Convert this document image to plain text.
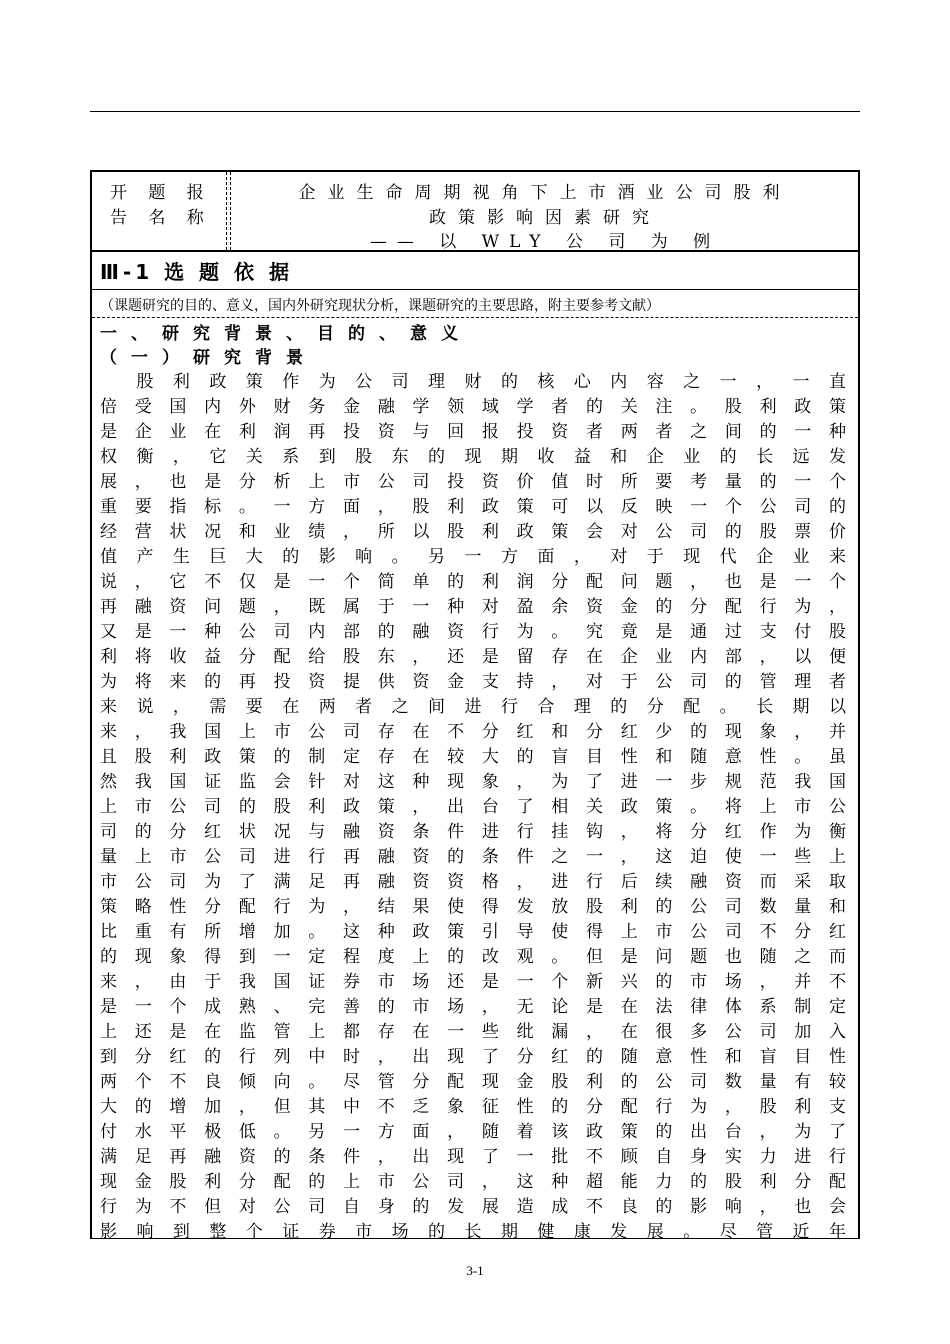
开 题 报
告 名 称
企业生命周期视角下上市酒业公司股利
政策影响因素研究
—— 以 WLY 公 司 为 例
Ⅲ-1 选 题 依 据
（课题研究的目的、意义，国内外研究现状分析，课题研究的主要思路，附主要参考文献）
一、研究背景、目的、意义
（一）研究背景
　股利政策作为公司理财的核心内容之一，一直
倍受国内外财务金融学领域学者的关注。股利政策
是企业在利润再投资与回报投资者两者之间的一种
权衡，它关系到股东的现期收益和企业的长远发
展，也是分析上市公司投资价值时所要考量的一个
重要指标。一方面，股利政策可以反映一个公司的
经营状况和业绩，所以股利政策会对公司的股票价
值产生巨大的影响。另一方面，对于现代企业来
说，它不仅是一个简单的利润分配问题，也是一个
再融资问题，既属于一种对盈余资金的分配行为，
又是一种公司内部的融资行为。究竟是通过支付股
利将收益分配给股东，还是留存在企业内部，以便
为将来的再投资提供资金支持，对于公司的管理者
来说，需要在两者之间进行合理的分配。长期以
来，我国上市公司存在不分红和分红少的现象，并
且股利政策的制定存在较大的盲目性和随意性。虽
然我国证监会针对这种现象，为了进一步规范我国
上市公司的股利政策，出台了相关政策。将上市公
司的分红状况与融资条件进行挂钩，将分红作为衡
量上市公司进行再融资的条件之一，这迫使一些上
市公司为了满足再融资资格，进行后续融资而采取
策略性分配行为，结果使得发放股利的公司数量和
比重有所增加。这种政策引导使得上市公司不分红
的现象得到一定程度上的改观。但是问题也随之而
来，由于我国证券市场还是一个新兴的市场，并不
是一个成熟、完善的市场，无论是在法律体系制定
上还是在监管上都存在一些纰漏，在很多公司加入
到分红的行列中时，出现了分红的随意性和盲目性
两个不良倾向。尽管分配现金股利的公司数量有较
大的增加，但其中不乏象征性的分配行为，股利支
付水平极低。另一方面，随着该政策的出台，为了
满足再融资的条件，出现了一批不顾自身实力进行
现金股利分配的上市公司，这种超能力的股利分配
行为不但对公司自身的发展造成不良的影响，也会
影响到整个证券市场的长期健康发展。尽管近年
3-1
